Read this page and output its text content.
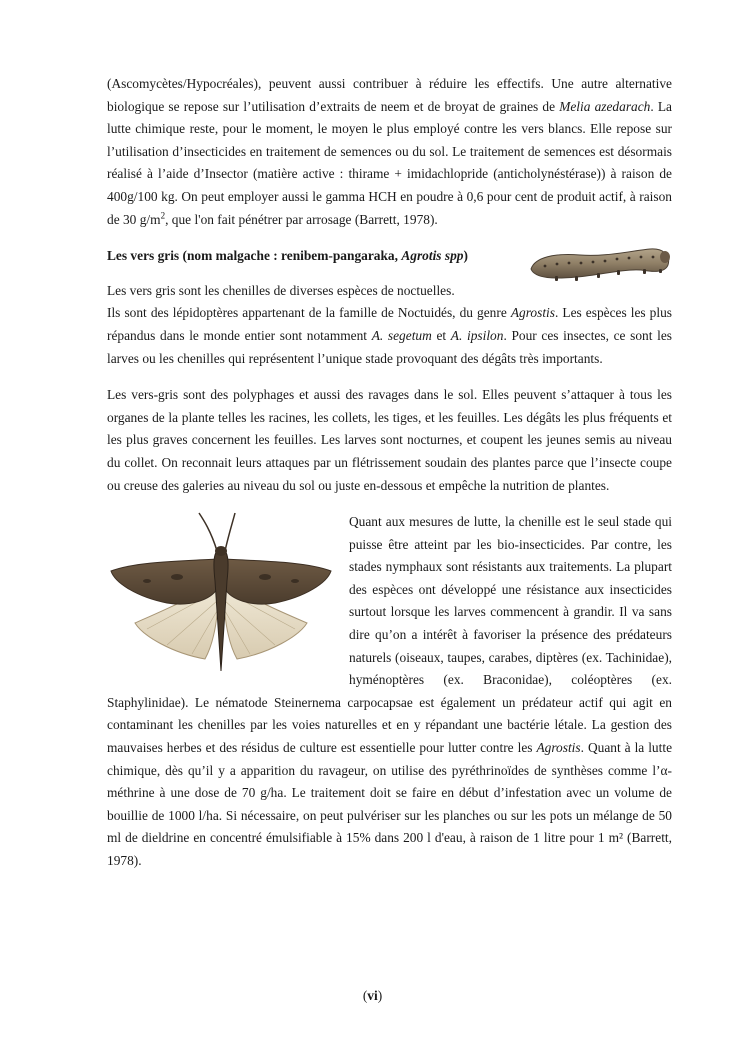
(Ascomycètes/Hypocréales), peuvent aussi contribuer à réduire les effectifs. Une autre alternative biologique se repose sur l’utilisation d’extraits de neem et de broyat de graines de Melia azedarach. La lutte chimique reste, pour le moment, le moyen le plus employé contre les vers blancs. Elle repose sur l’utilisation d’insecticides en traitement de semences ou du sol. Le traitement de semences est désormais réalisé à l’aide d’Insector (matière active : thirame + imidachlopride (anticholynéstérase)) à raison de 400g/100 kg. On peut employer aussi le gamma HCH en poudre à 0,6 pour cent de produit actif, à raison de 30 $g/m^2$, que l'on fait pénétrer par arrosage (Barrett, 1978).

Les vers gris (nom malgache : renibem-pangaraka, Agrotis spp)

Les vers gris sont les chenilles de diverses espèces de noctuelles.
Ils sont des lépidoptères appartenant de la famille de Noctuidés, du genre Agrostis. Les espèces les plus répandus dans le monde entier sont notamment A. segetum et A. ipsilon. Pour ces insectes, ce sont les larves ou les chenilles qui représentent l’unique stade provoquant des dégâts très importants.

Les vers-gris sont des polyphages et aussi des ravages dans le sol. Elles peuvent s’attaquer à tous les organes de la plante telles les racines, les collets, les tiges, et les feuilles. Les dégâts les plus fréquents et les plus graves concernent les feuilles. Les larves sont nocturnes, et coupent les jeunes semis au niveau du collet. On reconnait leurs attaques par un flétrissement soudain des plantes parce que l’insecte coupe ou creuse des galeries au niveau du sol ou juste en-dessous et empêche la nutrition de plantes.

Quant aux mesures de lutte, la chenille est le seul stade qui puisse être atteint par les bio-insecticides. Par contre, les stades nymphaux sont résistants aux traitements. La plupart des espèces ont développé une résistance aux insecticides surtout lorsque les larves commencent à grandir. Il va sans dire qu’on a intérêt à favoriser la présence des prédateurs naturels (oiseaux, taupes, carabes, diptères (ex. Tachinidae), hyménoptères (ex. Braconidae), coléoptères (ex. Staphylinidae). Le nématode Steinernema carpocapsae est également un prédateur actif qui agit en contaminant les chenilles par les voies naturelles et en y répandant une bactérie létale. La gestion des mauvaises herbes et des résidus de culture est essentielle pour lutter contre les Agrostis. Quant à la lutte chimique, dès qu’il y a apparition du ravageur, on utilise des pyréthrinoïdes de synthèses comme l’α-méthrine à une dose de 70 g/ha. Le traitement doit se faire en début d’infestation avec un volume de bouillie de 1000 l/ha. Si nécessaire, on peut pulvériser sur les planches ou sur les pots un mélange de 50 ml de dieldrine en concentré émulsifiable à 15% dans 200 l d'eau, à raison de 1 litre pour 1 m² (Barrett, 1978).

(vi)
